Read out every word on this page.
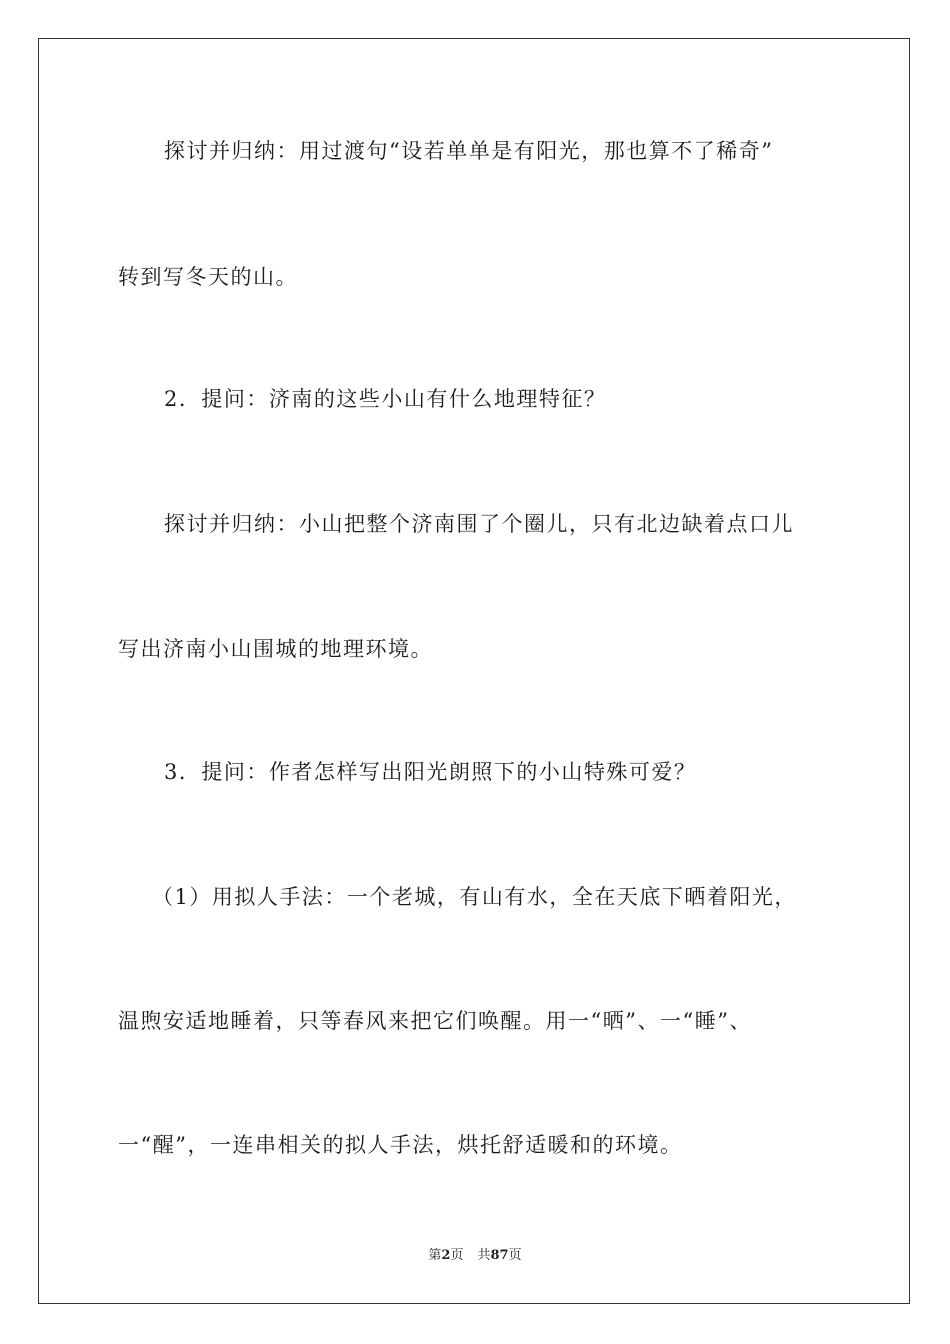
探讨并归纳：用过渡句“设若单单是有阳光，那也算不了稀奇”
转到写冬天的山。
2．提问：济南的这些小山有什么地理特征？
探讨并归纳：小山把整个济南围了个圈儿，只有北边缺着点口儿
写出济南小山围城的地理环境。
3．提问：作者怎样写出阳光朗照下的小山特殊可爱？
（1）用拟人手法：一个老城，有山有水，全在天底下晒着阳光，
温煦安适地睡着，只等春风来把它们唤醒。用一“晒”、一“睡”、
一“醒”，一连串相关的拟人手法，烘托舒适暖和的环境。
第2页 共87页
